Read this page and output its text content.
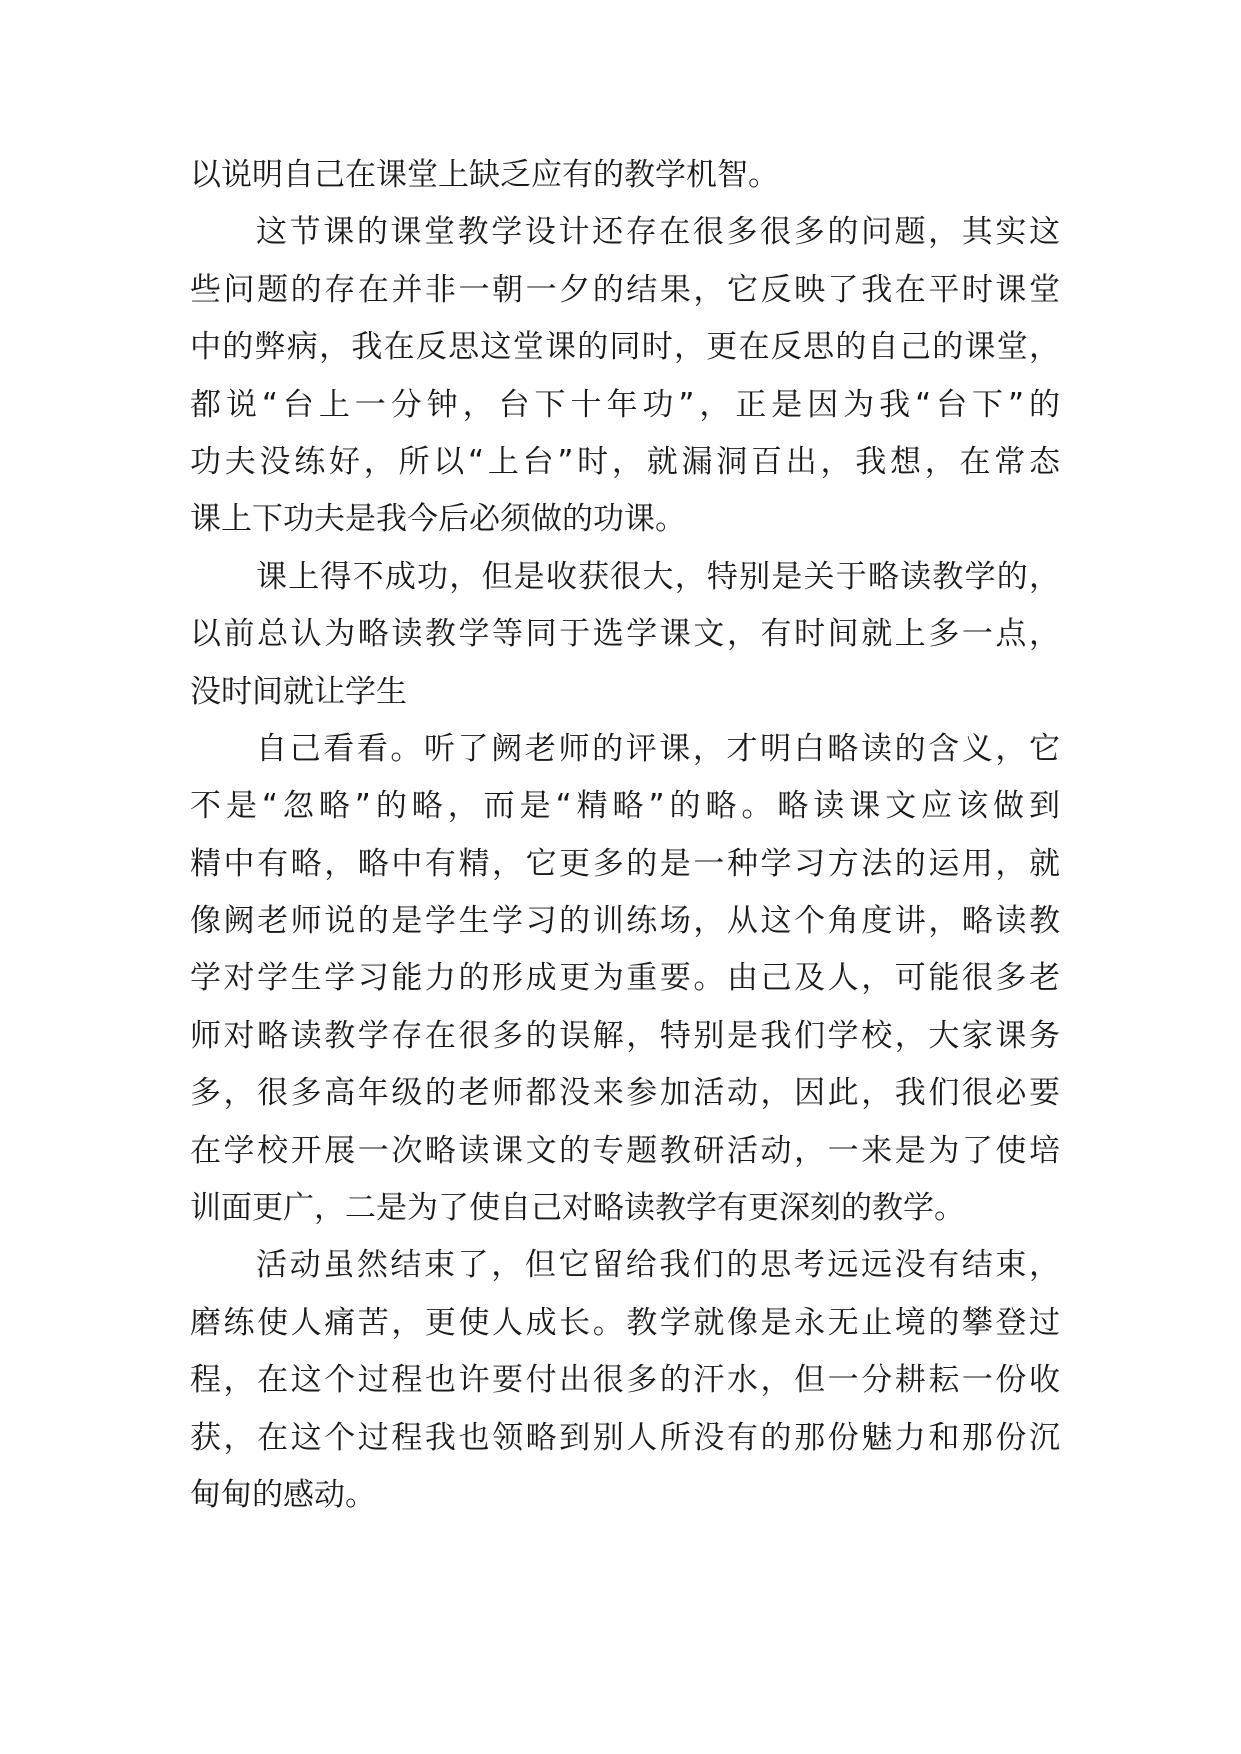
以说明自己在课堂上缺乏应有的教学机智。
这节课的课堂教学设计还存在很多很多的问题，其实这
些问题的存在并非一朝一夕的结果，它反映了我在平时课堂
中的弊病，我在反思这堂课的同时，更在反思的自己的课堂，
都说“台上一分钟，台下十年功”，正是因为我“台下”的
功夫没练好，所以“上台”时，就漏洞百出，我想，在常态
课上下功夫是我今后必须做的功课。
课上得不成功，但是收获很大，特别是关于略读教学的，
以前总认为略读教学等同于选学课文，有时间就上多一点，
没时间就让学生
自己看看。听了阙老师的评课，才明白略读的含义，它
不是“忽略”的略，而是“精略”的略。略读课文应该做到
精中有略，略中有精，它更多的是一种学习方法的运用，就
像阙老师说的是学生学习的训练场，从这个角度讲，略读教
学对学生学习能力的形成更为重要。由己及人，可能很多老
师对略读教学存在很多的误解，特别是我们学校，大家课务
多，很多高年级的老师都没来参加活动，因此，我们很必要
在学校开展一次略读课文的专题教研活动，一来是为了使培
训面更广，二是为了使自己对略读教学有更深刻的教学。
活动虽然结束了，但它留给我们的思考远远没有结束，
磨练使人痛苦，更使人成长。教学就像是永无止境的攀登过
程，在这个过程也许要付出很多的汗水，但一分耕耘一份收
获，在这个过程我也领略到别人所没有的那份魅力和那份沉
甸甸的感动。
